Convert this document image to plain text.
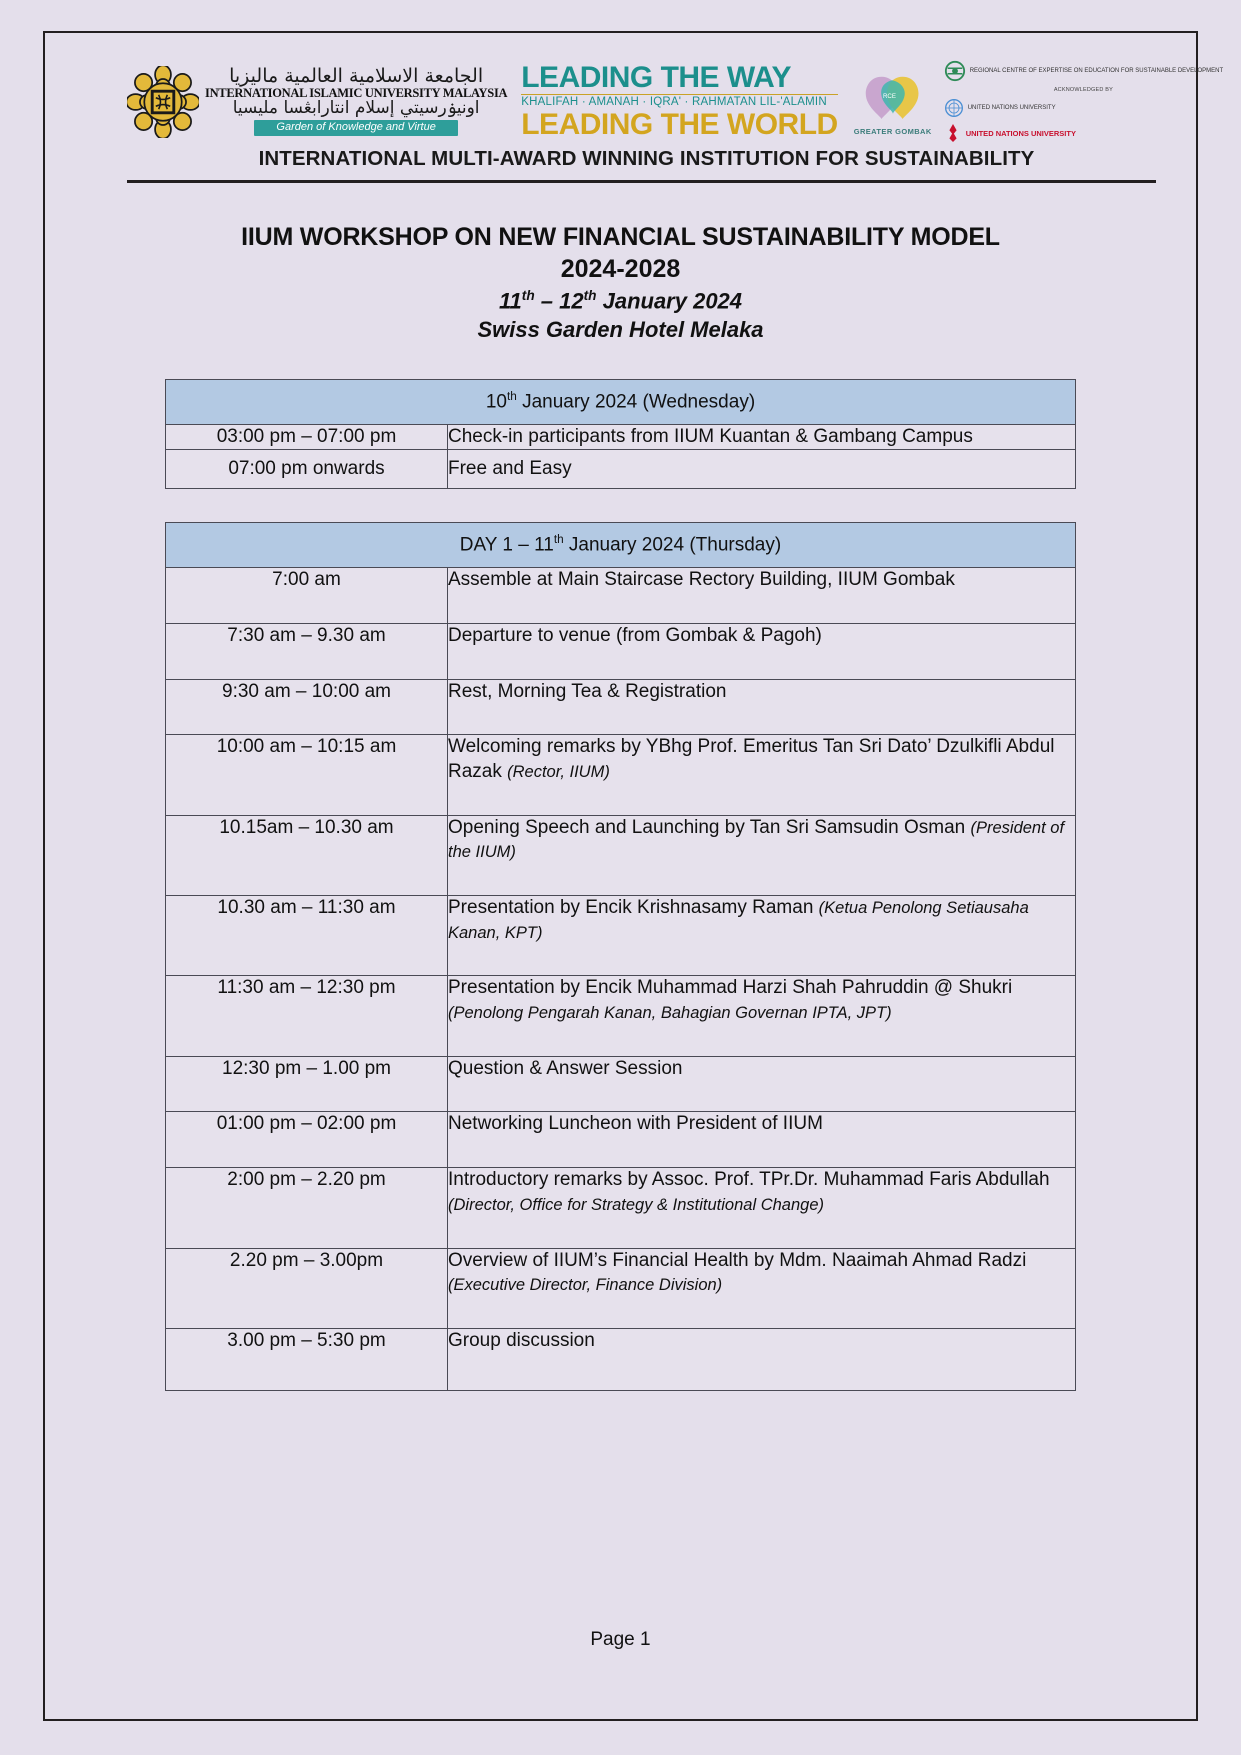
الجامعة الاسلامية العالمية ماليزيا
INTERNATIONAL ISLAMIC UNIVERSITY MALAYSIA
اونيۏرسيتي إسلام انتارابڠسا مليسيا
Garden of Knowledge and Virtue
LEADING THE WAY
KHALIFAH · AMANAH · IQRA' · RAHMATAN LIL-'ALAMIN
LEADING THE WORLD
RCE
GREATER GOMBAK
REGIONAL CENTRE OF EXPERTISE ON EDUCATION FOR SUSTAINABLE DEVELOPMENT
ACKNOWLEDGED BY
UNITED NATIONS UNIVERSITY
UNITED NATIONS UNIVERSITY
INTERNATIONAL MULTI-AWARD WINNING INSTITUTION FOR SUSTAINABILITY
IIUM WORKSHOP ON NEW FINANCIAL SUSTAINABILITY MODEL
2024-2028
11th – 12th January 2024
Swiss Garden Hotel Melaka
10th January 2024 (Wednesday)	
03:00 pm – 07:00 pm	Check-in participants from IIUM Kuantan & Gambang Campus
07:00 pm onwards	Free and Easy
DAY 1 – 11th January 2024 (Thursday)	
7:00 am	Assemble at Main Staircase Rectory Building, IIUM Gombak
7:30 am – 9.30 am	Departure to venue (from Gombak & Pagoh)
9:30 am – 10:00 am	Rest, Morning Tea & Registration
10:00 am – 10:15 am	Welcoming remarks by YBhg Prof. Emeritus Tan Sri Dato’ Dzulkifli Abdul Razak (Rector, IIUM)
10.15am – 10.30 am	Opening Speech and Launching by Tan Sri Samsudin Osman (President of the IIUM)
10.30 am – 11:30 am	Presentation by Encik Krishnasamy Raman (Ketua Penolong Setiausaha Kanan, KPT)
11:30 am – 12:30 pm	Presentation by Encik Muhammad Harzi Shah Pahruddin @ Shukri (Penolong Pengarah Kanan, Bahagian Governan IPTA, JPT)
12:30 pm – 1.00 pm	Question & Answer Session
01:00 pm – 02:00 pm	Networking Luncheon with President of IIUM
2:00 pm – 2.20 pm	Introductory remarks by Assoc. Prof. TPr.Dr. Muhammad Faris Abdullah (Director, Office for Strategy & Institutional Change)
2.20 pm – 3.00pm	Overview of IIUM’s Financial Health by Mdm. Naaimah Ahmad Radzi (Executive Director, Finance Division)
3.00 pm – 5:30 pm	Group discussion
Page 1
